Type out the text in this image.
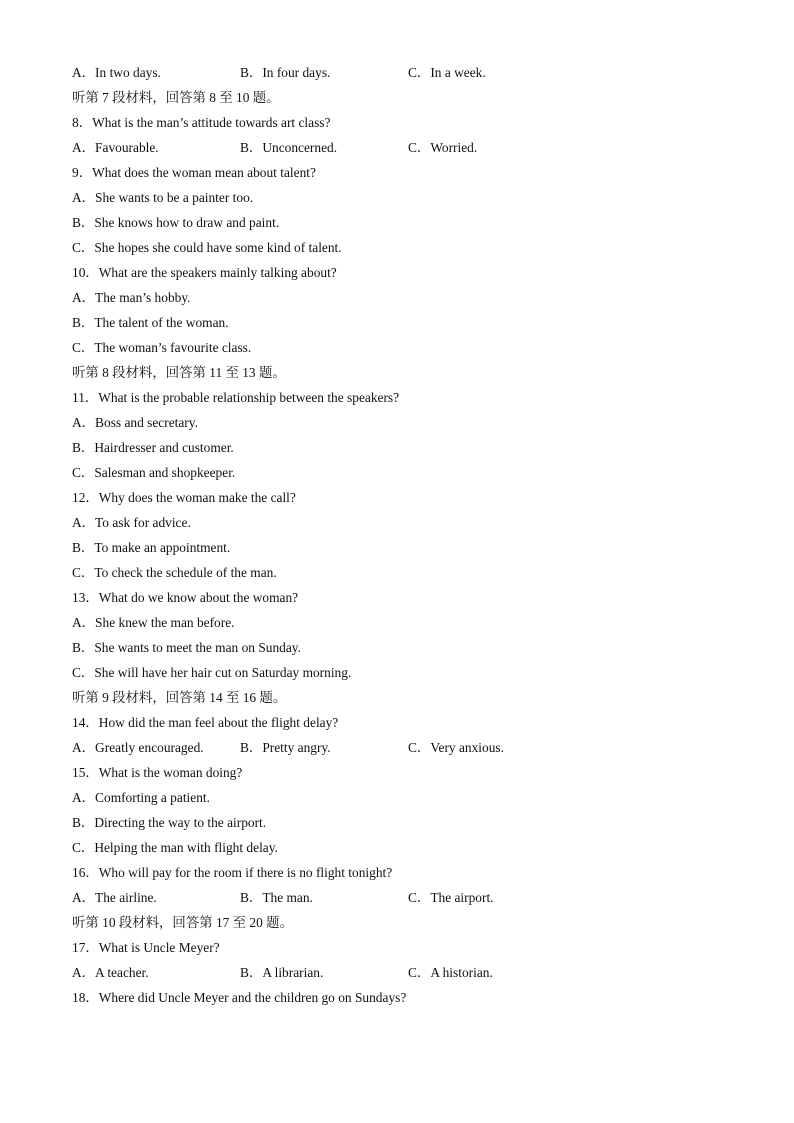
A．In two days.	B．In four days.	C．In a week.
听第 7 段材料，回答第 8 至 10 题。
8．What is the man’s attitude towards art class?
A．Favourable.	B．Unconcerned.	C．Worried.
9．What does the woman mean about talent?
A．She wants to be a painter too.
B．She knows how to draw and paint.
C．She hopes she could have some kind of talent.
10．What are the speakers mainly talking about?
A．The man’s hobby.
B．The talent of the woman.
C．The woman’s favourite class.
听第 8 段材料，回答第 11 至 13 题。
11．What is the probable relationship between the speakers?
A．Boss and secretary.
B．Hairdresser and customer.
C．Salesman and shopkeeper.
12．Why does the woman make the call?
A．To ask for advice.
B．To make an appointment.
C．To check the schedule of the man.
13．What do we know about the woman?
A．She knew the man before.
B．She wants to meet the man on Sunday.
C．She will have her hair cut on Saturday morning.
听第 9 段材料，回答第 14 至 16 题。
14．How did the man feel about the flight delay?
A．Greatly encouraged.	B．Pretty angry.	C．Very anxious.
15．What is the woman doing?
A．Comforting a patient.
B．Directing the way to the airport.
C．Helping the man with flight delay.
16．Who will pay for the room if there is no flight tonight?
A．The airline.	B．The man.	C．The airport.
听第 10 段材料，回答第 17 至 20 题。
17．What is Uncle Meyer?
A．A teacher.	B．A librarian.	C．A historian.
18．Where did Uncle Meyer and the children go on Sundays?
